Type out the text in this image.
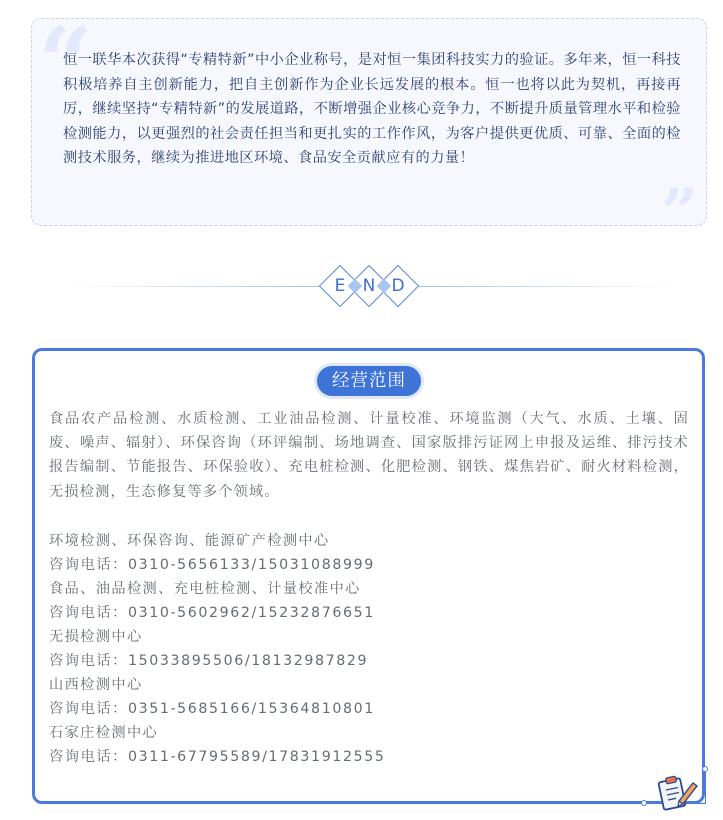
“
”

恒一联华本次获得“专精特新”中小企业称号，是对恒一集团科技实力的验证。多年来，恒一科技积极培养自主创新能力，把自主创新作为企业长远发展的根本。恒一也将以此为契机，再接再厉，继续坚持“专精特新”的发展道路，不断增强企业核心竞争力，不断提升质量管理水平和检验检测能力，以更强烈的社会责任担当和更扎实的工作作风，为客户提供更优质、可靠、全面的检测技术服务，继续为推进地区环境、食品安全贡献应有的力量！

E	N D
经营范围

食品农产品检测、水质检测、工业油品检测、计量校准、环境监测（大气、水质、土壤、固废、噪声、辐射）、环保咨询（环评编制、场地调查、国家版排污证网上申报及运维、排污技术报告编制、节能报告、环保验收）、充电桩检测、化肥检测、钢铁、煤焦岩矿、耐火材料检测，无损检测，生态修复等多个领域。

环境检测、环保咨询、能源矿产检测中心
咨询电话：0310-5656133/15031088999
食品、油品检测、充电桩检测、计量校准中心
咨询电话：0310-5602962/15232876651
无损检测中心
咨询电话：15033895506/18132987829
山西检测中心
咨询电话：0351-5685166/15364810801
石家庄检测中心
咨询电话：0311-67795589/17831912555
